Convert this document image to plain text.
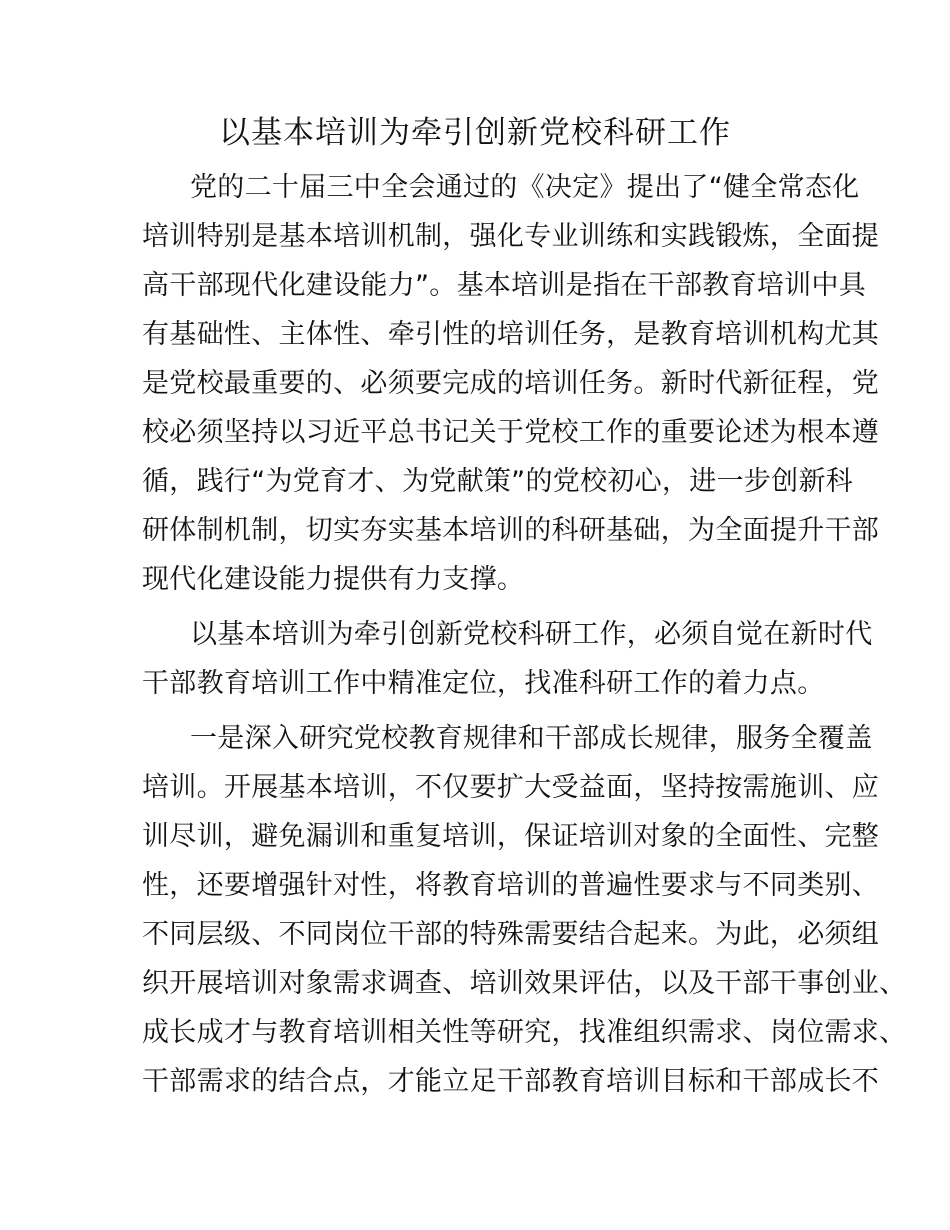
以基本培训为牵引创新党校科研工作
党的二十届三中全会通过的《决定》提出了“健全常态化
培训特别是基本培训机制，强化专业训练和实践锻炼，全面提
高干部现代化建设能力”。基本培训是指在干部教育培训中具
有基础性、主体性、牵引性的培训任务，是教育培训机构尤其
是党校最重要的、必须要完成的培训任务。新时代新征程，党
校必须坚持以习近平总书记关于党校工作的重要论述为根本遵
循，践行“为党育才、为党献策”的党校初心，进一步创新科
研体制机制，切实夯实基本培训的科研基础，为全面提升干部
现代化建设能力提供有力支撑。
以基本培训为牵引创新党校科研工作，必须自觉在新时代
干部教育培训工作中精准定位，找准科研工作的着力点。
一是深入研究党校教育规律和干部成长规律，服务全覆盖
培训。开展基本培训，不仅要扩大受益面，坚持按需施训、应
训尽训，避免漏训和重复培训，保证培训对象的全面性、完整
性，还要增强针对性，将教育培训的普遍性要求与不同类别、
不同层级、不同岗位干部的特殊需要结合起来。为此，必须组
织开展培训对象需求调查、培训效果评估，以及干部干事创业、
成长成才与教育培训相关性等研究，找准组织需求、岗位需求、
干部需求的结合点，才能立足干部教育培训目标和干部成长不
